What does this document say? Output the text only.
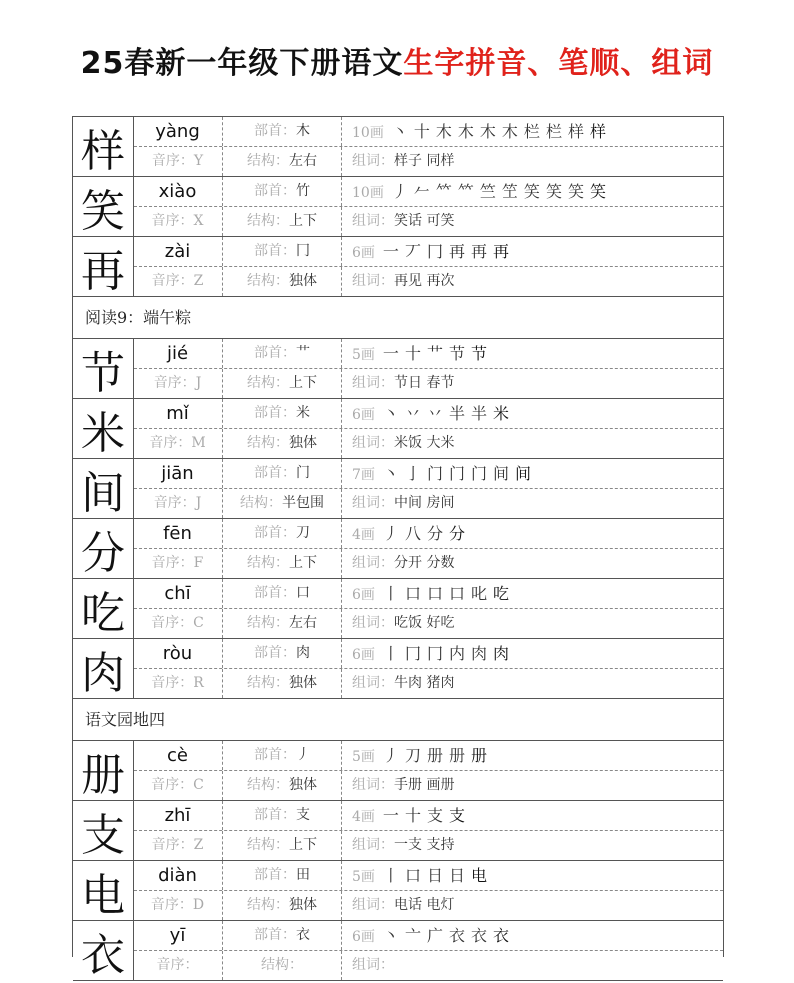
25春新一年级下册语文生字拼音、笔顺、组词
样	yàng	部首：木	10画 丶 十 木 木 木 木 栏 栏 样 样
音序：Y	结构：左右	组词：样子 同样
笑	xiào	部首：竹	10画 丿 𠂉 𥫗 𥫗 竺 笁 笑 笑 笑 笑
音序：X	结构：上下	组词：笑话 可笑
再	zài	部首：冂	6画 一 丆 冂 再 再 再
音序：Z	结构：独体	组词：再见 再次
阅读9：端午粽
节	jié	部首：艹	5画 一 十 艹 节 节
音序：J	结构：上下	组词：节日 春节
米	mǐ	部首：米	6画 丶 丷 丷 半 半 米
音序：M	结构：独体	组词：米饭 大米
间	jiān	部首：门	7画 丶 亅 门 门 门 间 间
音序：J	结构：半包围	组词：中间 房间
分	fēn	部首：刀	4画 丿 八 分 分
音序：F	结构：上下	组词：分开 分数
吃	chī	部首：口	6画 丨 口 口 口 叱 吃
音序：C	结构：左右	组词：吃饭 好吃
肉	ròu	部首：肉	6画 丨 冂 冂 内 肉 肉
音序：R	结构：独体	组词：牛肉 猪肉
语文园地四
册	cè	部首：丿	5画 丿 刀 册 册 册
音序：C	结构：独体	组词：手册 画册
支	zhī	部首：支	4画 一 十 支 支
音序：Z	结构：上下	组词：一支 支持
电	diàn	部首：田	5画 丨 口 日 日 电
音序：D	结构：独体	组词：电话 电灯
衣	yī	部首：衣	6画 丶 亠 广 衣 衣 衣
音序：	结构：	组词：
